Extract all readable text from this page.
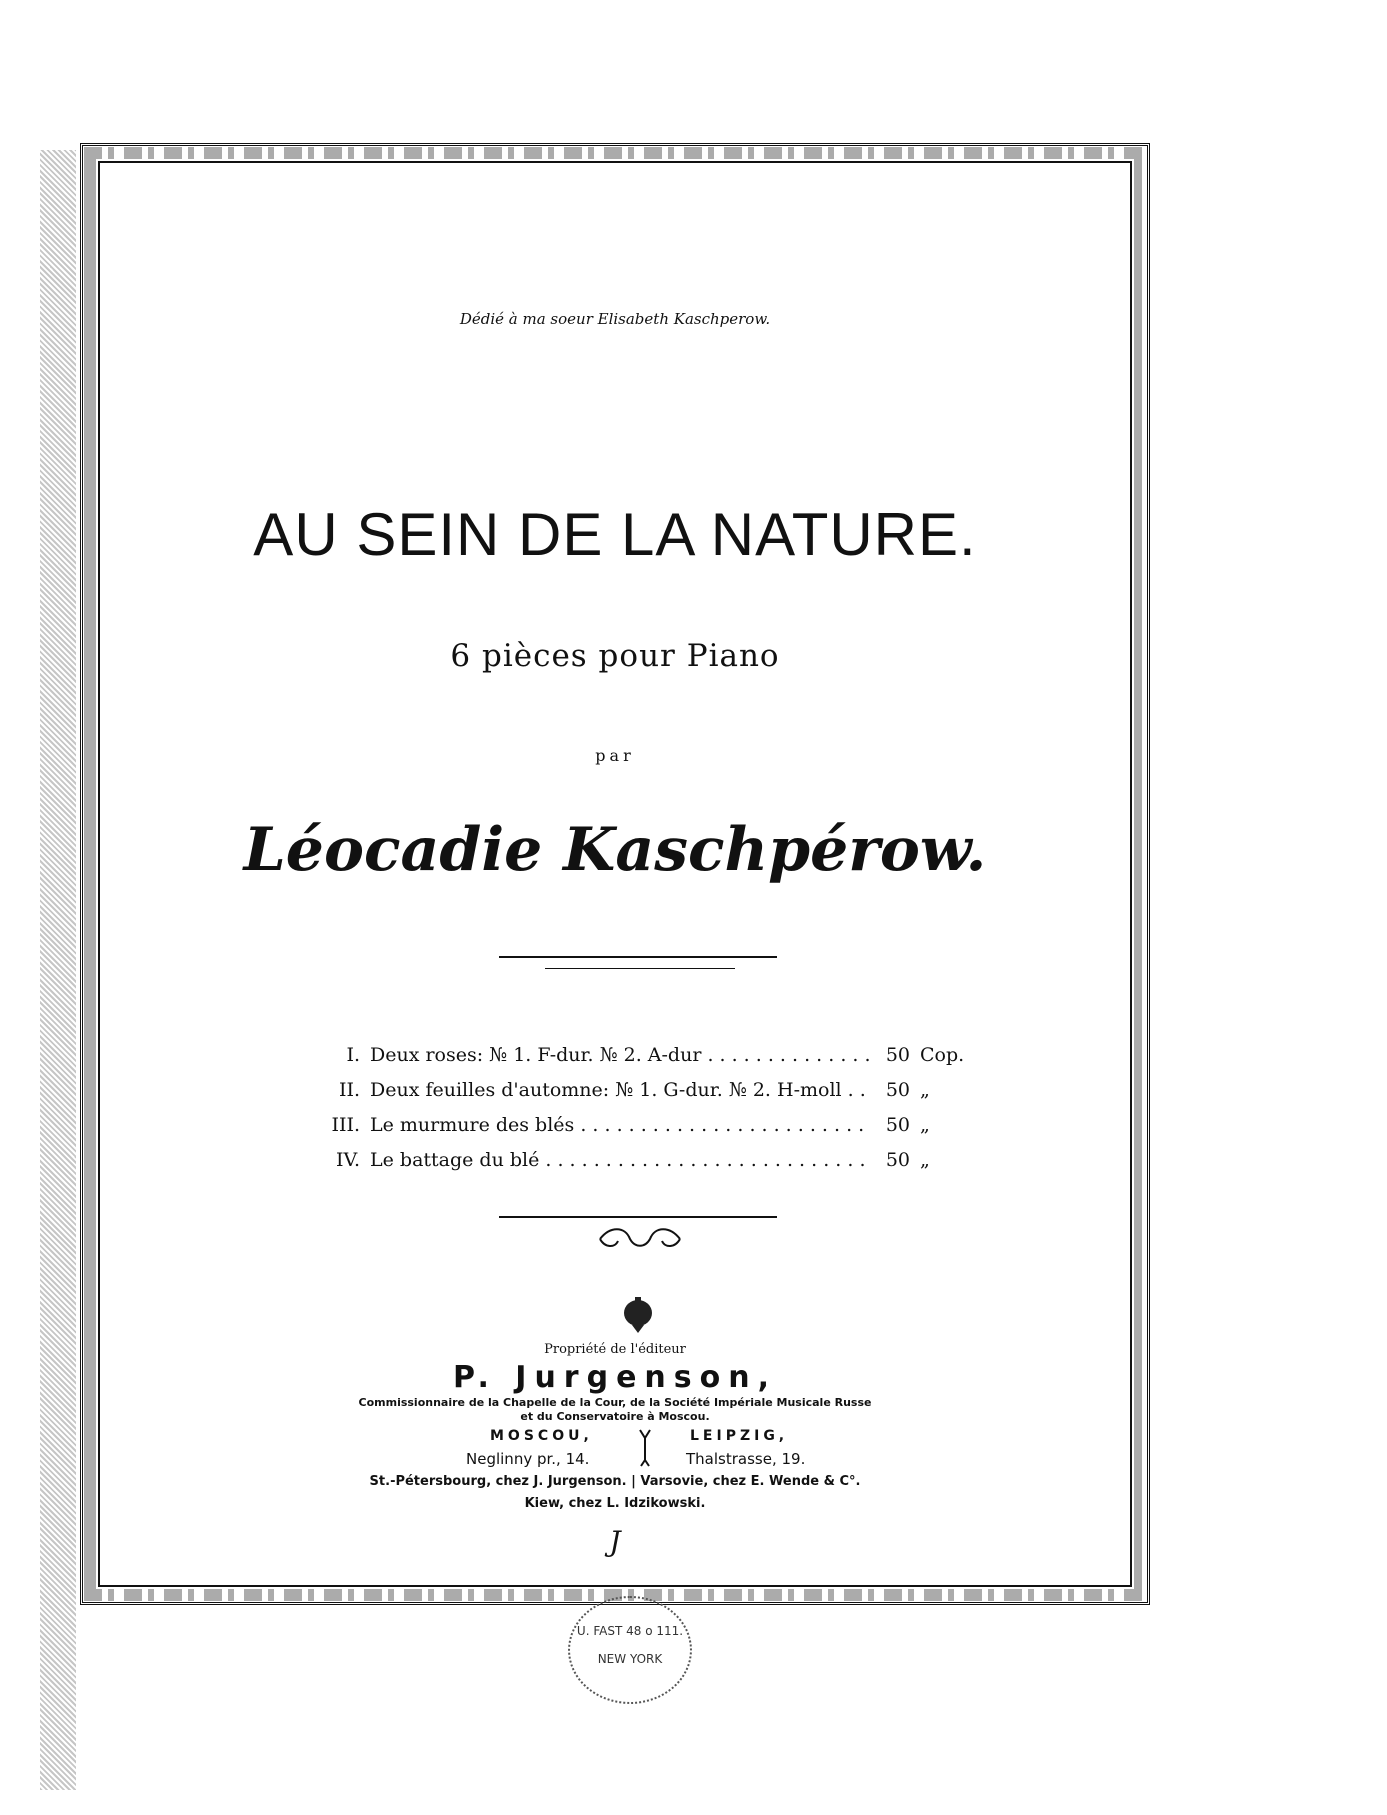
Dédié à ma soeur Elisabeth Kaschperow.
AU SEIN DE LA NATURE.
6 pièces pour Piano
par
Léocadie Kaschpérow.
I. Deux roses: № 1. F-dur. № 2. A-dur . . .	50 Cop.
II. Deux feuilles d'automne: № 1. G-dur. № 2. H-moll . . .	50 „
III. Le murmure des blés . . .	50 „
IV. Le battage du blé . . .	50 „
Propriété de l'éditeur
P. Jurgenson,
Commissionnaire de la Chapelle de la Cour, de la Société Impériale Musicale Russe
et du Conservatoire à Moscou.
MOSCOU,	LEIPZIG,
Neglinny pr., 14.	Thalstrasse, 19.
St.-Pétersbourg, chez J. Jurgenson. | Varsovie, chez E. Wende & C°.
Kiew, chez L. Idzikowski.
J
U. FAST 48 o 111.
NEW YORK
